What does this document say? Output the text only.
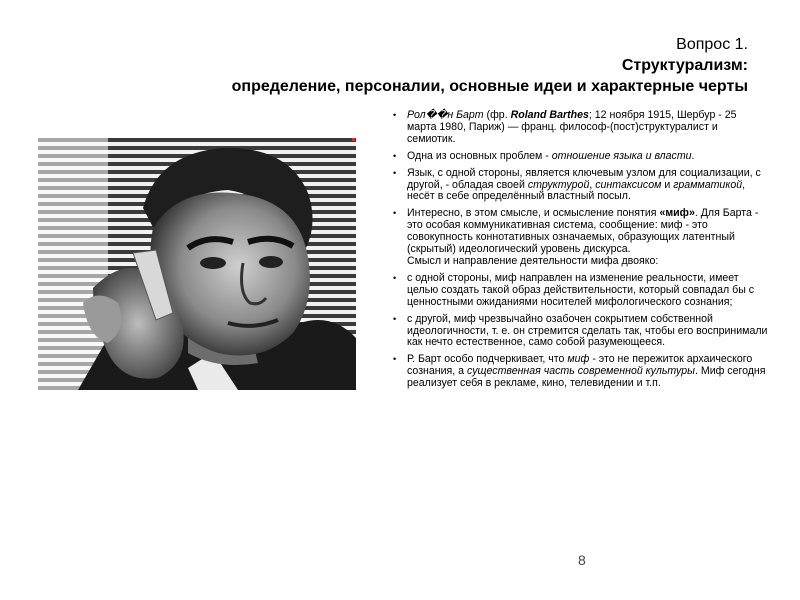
Вопрос 1.
Структурализм:
определение, персоналии, основные идеи и характерные черты
• Рол��н Барт (фр. Roland Barthes; 12 ноября 1915, Шербур - 25 марта 1980, Париж) — франц. философ-(пост)структуралист и семиотик.
• Одна из основных проблем - отношение языка и власти.
• Язык, с одной стороны, является ключевым узлом для социализации, с другой, - обладая своей структурой, синтаксисом и грамматикой, несёт в себе определённый властный посыл.
• Интересно, в этом смысле, и осмысление понятия «миф». Для Барта - это особая коммуникативная система, сообщение: миф - это совокупность коннотативных означаемых, образующих латентный (скрытый) идеологический уровень дискурса.
Смысл и направление деятельности мифа двояко:
• с одной стороны, миф направлен на изменение реальности, имеет целью создать такой образ действительности, который совпадал бы с ценностными ожиданиями носителей мифологического сознания;
• с другой, миф чрезвычайно озабочен сокрытием собственной идеологичности, т. е. он стремится сделать так, чтобы его воспринимали как нечто естественное, само собой разумеющееся.
• Р. Барт особо подчеркивает, что миф - это не пережиток архаического сознания, а существенная часть современной культуры. Миф сегодня реализует себя в рекламе, кино, телевидении и т.п.
8
